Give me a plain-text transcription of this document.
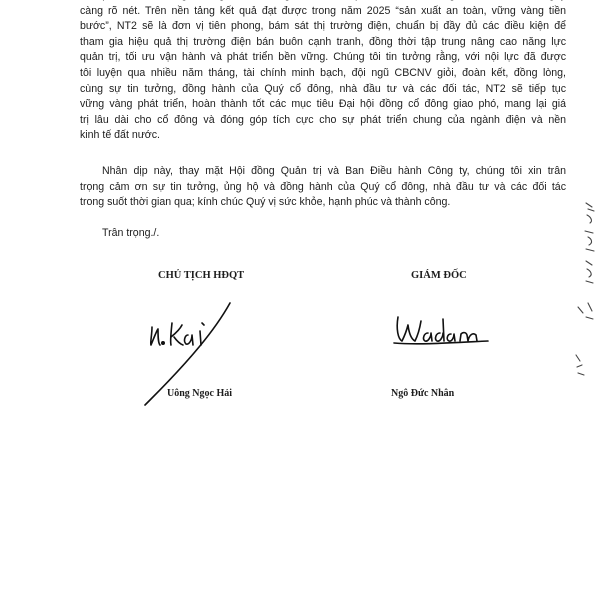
càng rõ nét. Trên nền tảng kết quả đạt được trong năm 2025 “sản xuất an toàn, vững vàng tiền
bước”, NT2 sẽ là đơn vị tiên phong, bám sát thị trường điện, chuẩn bị đầy đủ các điều kiện để
tham gia hiệu quả thị trường điện bán buôn cạnh tranh, đồng thời tập trung nâng cao năng lực
quản trị, tối ưu vận hành và phát triển bền vững. Chúng tôi tin tưởng rằng, với nội lực đã được
tôi luyện qua nhiều năm tháng, tài chính minh bạch, đội ngũ CBCNV giỏi, đoàn kết, đồng lòng,
cùng sự tin tưởng, đồng hành của Quý cổ đông, nhà đầu tư và các đối tác, NT2 sẽ tiếp tục
vững vàng phát triển, hoàn thành tốt các mục tiêu Đại hội đồng cổ đông giao phó, mang lại giá
trị lâu dài cho cổ đông và đóng góp tích cực cho sự phát triển chung của ngành điện và nền
kinh tế đất nước.
Nhân dịp này, thay mặt Hội đồng Quản trị và Ban Điều hành Công ty, chúng tôi xin trân
trọng cảm ơn sự tin tưởng, ủng hộ và đồng hành của Quý cổ đông, nhà đầu tư và các đối tác
trong suốt thời gian qua; kính chúc Quý vị sức khỏe, hạnh phúc và thành công.
Trân trọng./.
CHỦ TỊCH HĐQT	GIÁM ĐỐC
Uông Ngọc Hải	Ngô Đức Nhân
